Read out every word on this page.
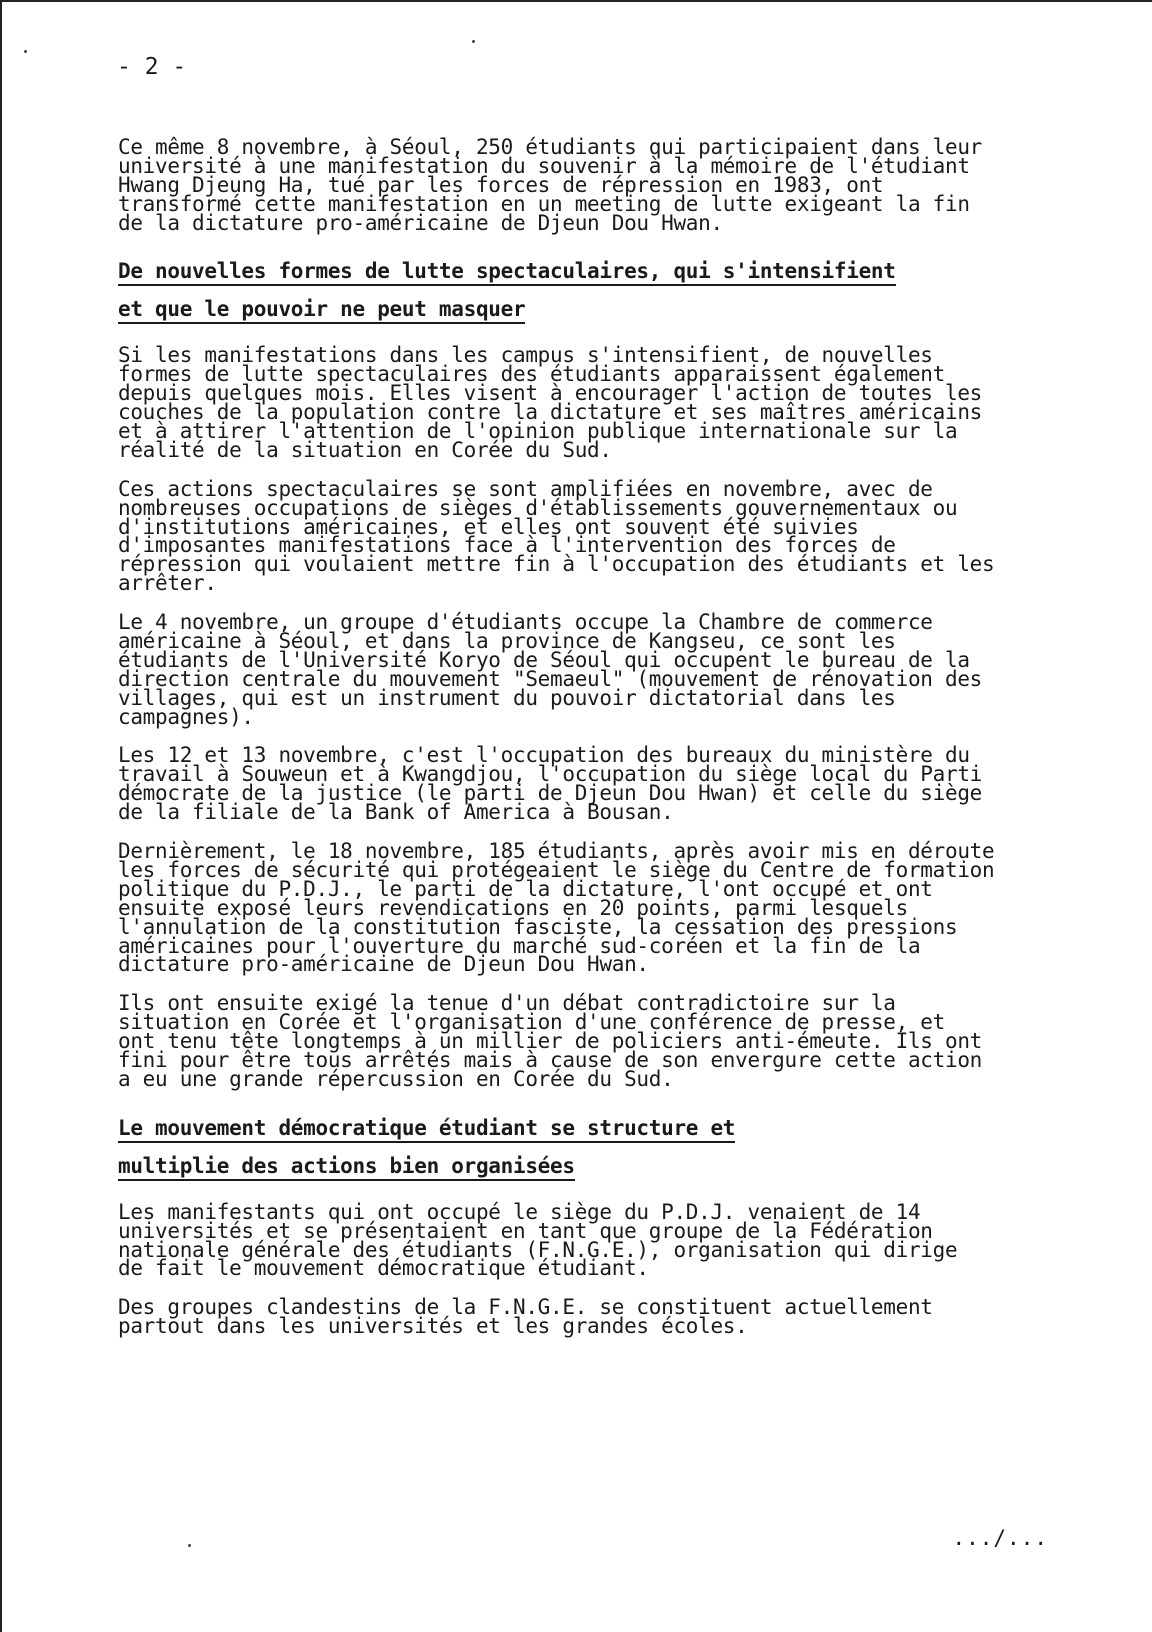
- 2 -

Ce même 8 novembre, à Séoul, 250 étudiants qui participaient dans leur
université à une manifestation du souvenir à la mémoire de l'étudiant
Hwang Djeung Ha, tué par les forces de répression en 1983, ont
transformé cette manifestation en un meeting de lutte exigeant la fin
de la dictature pro-américaine de Djeun Dou Hwan.

De nouvelles formes de lutte spectaculaires, qui s'intensifient
et que le pouvoir ne peut masquer

Si les manifestations dans les campus s'intensifient, de nouvelles
formes de lutte spectaculaires des étudiants apparaissent également
depuis quelques mois. Elles visent à encourager l'action de toutes les
couches de la population contre la dictature et ses maîtres américains
et à attirer l'attention de l'opinion publique internationale sur la
réalité de la situation en Corée du Sud.

Ces actions spectaculaires se sont amplifiées en novembre, avec de
nombreuses occupations de sièges d'établissements gouvernementaux ou
d'institutions américaines, et elles ont souvent été suivies
d'imposantes manifestations face à l'intervention des forces de
répression qui voulaient mettre fin à l'occupation des étudiants et les
arrêter.

Le 4 novembre, un groupe d'étudiants occupe la Chambre de commerce
américaine à Séoul, et dans la province de Kangseu, ce sont les
étudiants de l'Université Koryo de Séoul qui occupent le bureau de la
direction centrale du mouvement "Semaeul" (mouvement de rénovation des
villages, qui est un instrument du pouvoir dictatorial dans les
campagnes).

Les 12 et 13 novembre, c'est l'occupation des bureaux du ministère du
travail à Souweun et à Kwangdjou, l'occupation du siège local du Parti
démocrate de la justice (le parti de Djeun Dou Hwan) et celle du siège
de la filiale de la Bank of America à Bousan.

Dernièrement, le 18 novembre, 185 étudiants, après avoir mis en déroute
les forces de sécurité qui protégeaient le siège du Centre de formation
politique du P.D.J., le parti de la dictature, l'ont occupé et ont
ensuite exposé leurs revendications en 20 points, parmi lesquels
l'annulation de la constitution fasciste, la cessation des pressions
américaines pour l'ouverture du marché sud-coréen et la fin de la
dictature pro-américaine de Djeun Dou Hwan.

Ils ont ensuite exigé la tenue d'un débat contradictoire sur la
situation en Corée et l'organisation d'une conférence de presse, et
ont tenu tête longtemps à un millier de policiers anti-émeute. Ils ont
fini pour être tous arrêtés mais à cause de son envergure cette action
a eu une grande répercussion en Corée du Sud.

Le mouvement démocratique étudiant se structure et
multiplie des actions bien organisées

Les manifestants qui ont occupé le siège du P.D.J. venaient de 14
universités et se présentaient en tant que groupe de la Fédération
nationale générale des étudiants (F.N.G.E.), organisation qui dirige
de fait le mouvement démocratique étudiant.

Des groupes clandestins de la F.N.G.E. se constituent actuellement
partout dans les universités et les grandes écoles.

.../...
